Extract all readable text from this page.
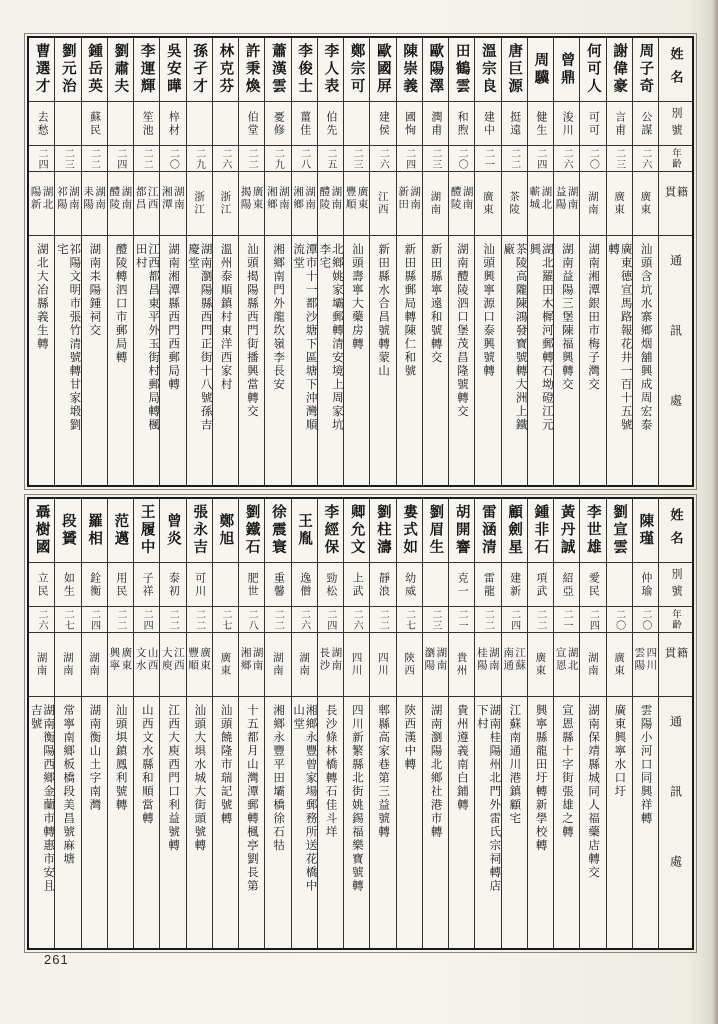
姓名
別號
年齡
籍貫
通訊處
曹選才
去愁
二四
湖北陽新
湖北大冶縣義生轉
劉元治
二三
湖南祁陽
祁陽文明市張竹清號轉甘家塅劉宅
鍾岳英
蘇民
二二
湖南耒陽
湖南耒陽鍾祠交
劉肅夫
二四
湖南醴陵
醴陵轉泗口市郵局轉
李運輝
笙池
二二
江西都昌
江西都昌東平外玉街村郵局轉楓田村
吳安曄
梓材
二〇
湖南湘潭
湖南湘潭縣西門西郵局轉
孫孑才
二九
浙江
湖南瀏陽縣西門正街十八號孫吉慶堂
林克芬
二六
浙江
溫州泰順鎮村東洋西家村
許秉煥
伯堂
二二
廣東揭陽
汕頭揭陽縣西門街播興當轉交
蕭漢雲
憂修
二九
湖南湘鄉
湘鄉南門外龍坎嶺李長安
李俊士
薑佳
二八
湖南湘鄉
潭市十一都沙塘下區塘下沖灣順流堂
李人表
伯先
二五
湖南醴陵
北鄉姚家壩郵轉清安境上周家坑李宅
鄭宗可
二三
廣東豐順
汕頭壽寧大藥房轉
歐國屏
建侯
二六
江西
新田縣水合昌號轉蒙山
陳崇義
國恂
二四
湖南新田
新田縣郵局轉陳仁和號
歐陽澤
潤甫
二三
湖南
新田縣寧遠和號轉交
田鶴雲
和煦
二〇
湖南醴陵
湖南醴陵泗口堡茂昌隆號轉交
溫宗良
建中
二一
廣東
汕頭興寧源口泰興號轉
唐巨源
挺遠
二二
茶陵
茶陵高隴陳鴻發寶號轉大洲上鐵廠
周驥
健生
二四
湖北蘄城
湖北羅田木樨河郵轉石坳磴江元興
曾鼎
浚川
二六
湖南益陽
湖南益陽三堡陳福興轉交
何可人
可可
二〇
湖南
湖南湘潭銀田市梅子灣交
謝偉豪
言甫
二三
廣東
廣東德宣馬路報花井一百十五號轉
周子奇
公謀
二六
廣東
汕頭含坑水寨鄉烟舖興成周宏泰
姓名
別號
年齡
籍貫
通訊處
聶樹國
立民
二六
湖南
湖南衡陽西鄉金蘭市轉惠市安且吉號
段贇
如生
二七
湖南
常寧南鄉板橋段美昌號麻塘
羅相
銓衡
二四
湖南
湖南衡山土字南灣
范邁
用民
二二
廣東興寧
汕頭埧鎮鳳利號轉
王履中
子祥
二四
山西文水
山西文水縣和順當轉
曾炎
泰初
二二
江西大庾
江西大庾西門口利益號轉
張永吉
可川
二二
廣東豐順
汕頭大埧水城大街頭號轉
鄭旭
二七
廣東
汕頭饒隆市瑞記號轉
劉鐵石
肥世
二八
湖南湘鄉
十五都月山灣潭郵轉楓亭劉長第
徐震寰
重馨
二二
湖南
湘鄉永豐平田壩橋徐石牯
王胤
逸僧
二六
湖南
湘鄉永豐曾家場郵務所送花橋中山堂
李經保
勁松
二四
湖南長沙
長沙條林橋轉石佳斗垟
卿允文
上武
二六
四川
四川新繁縣北街姚錫福樂寶號轉
劉柱濤
靜浪
二二
四川
郫縣高家巷第三益號轉
婁式如
幼威
二七
陝西
陝西漢中轉
劉眉生
二三
湖南瀏陽
湖南瀏陽北鄉社港市轉
胡開謇
克一
二一
貴州
貴州遵義南白鋪轉
雷涵清
雷龍
二二
湖南桂陽
湖南桂陽州北門外雷氏宗祠轉店下村
顧劍星
建新
二四
江蘇南通
江蘇南通川港鎮顧宅
鍾非石
項武
二二
廣東
興寧縣龍田圩轉新學校轉
黃丹誠
紹亞
二一
湖北宣恩
宣恩縣十字街張雄之轉
李世雄
愛民
二四
湖南
湖南保靖縣城同人福藥店轉交
劉宣雲
二〇
廣東
廣東興寧水口圩
陳瑾
仲瑜
二〇
四川雲陽
雲陽小河口同興祥轉
261
